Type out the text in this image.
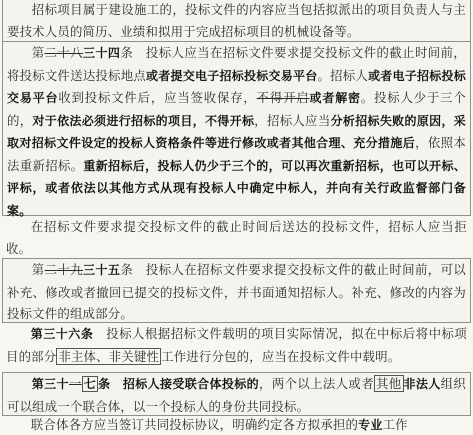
招标项目属于建设施工的，投标文件的内容应当包括拟派出的项目负责人与主要技术人员的简历、业绩和拟用于完成招标项目的机械设备等。
第二十八三十四条　投标人应当在招标文件要求提交投标文件的截止时间前，将投标文件送达投标地点或者提交电子招标投标交易平台。招标人或者电子招标投标交易平台收到投标文件后，应当签收保存，不得开启或者解密。投标人少于三个的，对于依法必须进行招标的项目，不得开标，招标人应当分析招标失败的原因，采取对招标文件设定的投标人资格条件等进行修改或者其他合理、充分措施后，依照本法重新招标。重新招标后，投标人仍少于三个的，可以再次重新招标，也可以开标、评标，或者依法以其他方式从现有投标人中确定中标人，并向有关行政监督部门备案。
在招标文件要求提交投标文件的截止时间后送达的投标文件，招标人应当拒收。
第二十九三十五条　投标人在招标文件要求提交投标文件的截止时间前，可以补充、修改或者撤回已提交的投标文件，并书面通知招标人。补充、修改的内容为投标文件的组成部分。
第三十六条　投标人根据招标文件载明的项目实际情况，拟在中标后将中标项目的部分 非主体、非关键性 工作进行分包的，应当在投标文件中载明。
第三十一 七 条　招标人接受联合体投标的，两个以上法人或者 其他 非法人组织可以组成一个联合体，以一个投标人的身份共同投标。
联合体各方应当签订共同投标协议，明确约定各方拟承担的专业工作
